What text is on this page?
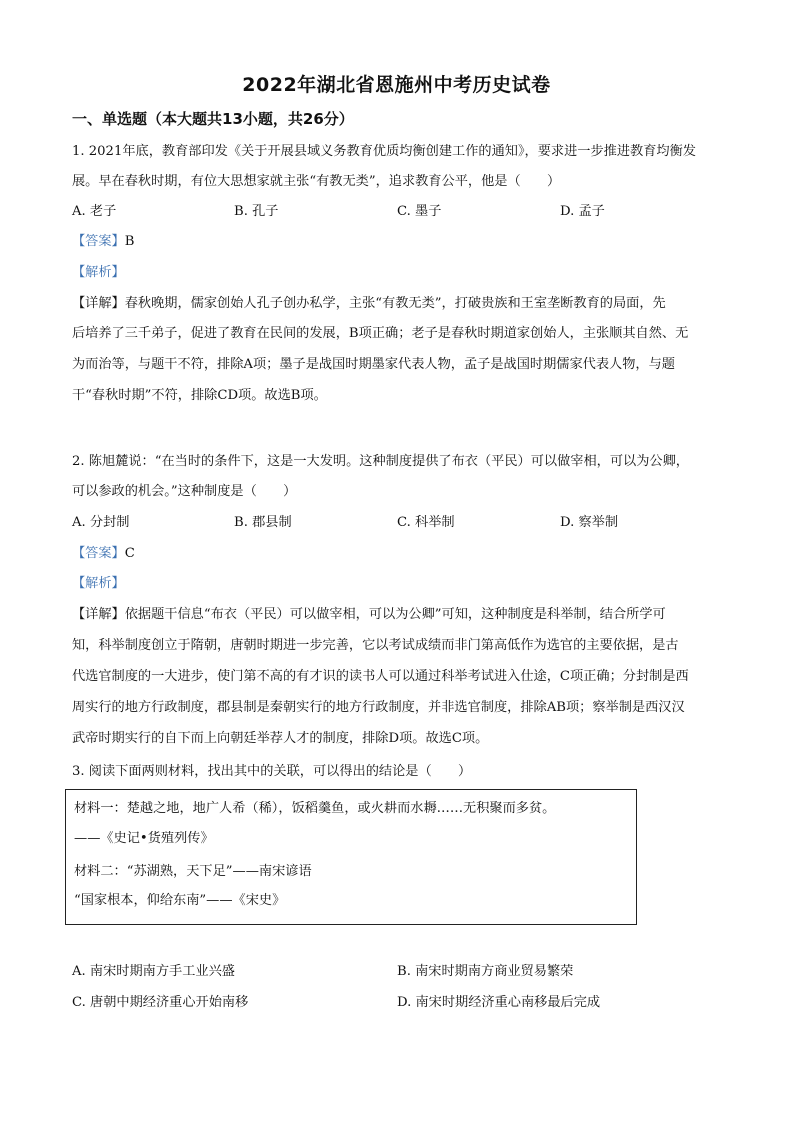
2022年湖北省恩施州中考历史试卷
一、单选题（本大题共13小题，共26分）
1. 2021年底，教育部印发《关于开展县域义务教育优质均衡创建工作的通知》，要求进一步推进教育均衡发
展。早在春秋时期，有位大思想家就主张“有教无类”，追求教育公平，他是（　　）
A. 老子	B. 孔子	C. 墨子	D. 孟子
【答案】B
【解析】
【详解】春秋晚期，儒家创始人孔子创办私学，主张“有教无类”，打破贵族和王室垄断教育的局面，先
后培养了三千弟子，促进了教育在民间的发展，B项正确；老子是春秋时期道家创始人，主张顺其自然、无
为而治等，与题干不符，排除A项；墨子是战国时期墨家代表人物，孟子是战国时期儒家代表人物，与题
干“春秋时期”不符，排除CD项。故选B项。
2. 陈旭麓说：“在当时的条件下，这是一大发明。这种制度提供了布衣（平民）可以做宰相，可以为公卿，
可以参政的机会。”这种制度是（　　）
A. 分封制	B. 郡县制	C. 科举制	D. 察举制
【答案】C
【解析】
【详解】依据题干信息“布衣（平民）可以做宰相，可以为公卿”可知，这种制度是科举制，结合所学可
知，科举制度创立于隋朝，唐朝时期进一步完善，它以考试成绩而非门第高低作为选官的主要依据，是古
代选官制度的一大进步，使门第不高的有才识的读书人可以通过科举考试进入仕途，C项正确；分封制是西
周实行的地方行政制度，郡县制是秦朝实行的地方行政制度，并非选官制度，排除AB项；察举制是西汉汉
武帝时期实行的自下而上向朝廷举荐人才的制度，排除D项。故选C项。
3. 阅读下面两则材料，找出其中的关联，可以得出的结论是（　　）
材料一：楚越之地，地广人希（稀），饭稻羹鱼，或火耕而水耨……无积聚而多贫。
——《史记•货殖列传》
材料二：“苏湖熟，天下足”——南宋谚语
“国家根本，仰给东南”——《宋史》
A. 南宋时期南方手工业兴盛	B. 南宋时期南方商业贸易繁荣
C. 唐朝中期经济重心开始南移	D. 南宋时期经济重心南移最后完成
